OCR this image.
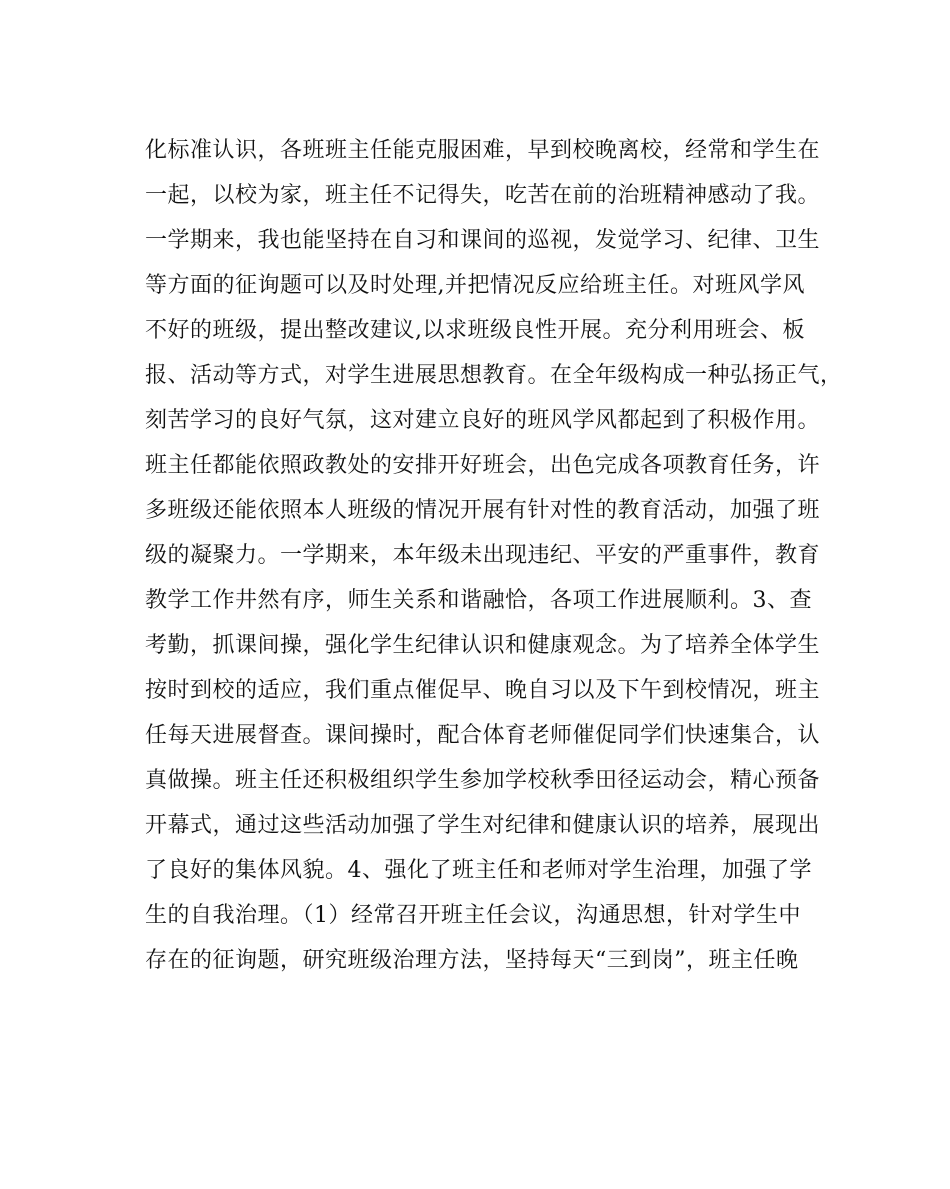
化标准认识，各班班主任能克服困难，早到校晚离校，经常和学生在
一起，以校为家，班主任不记得失，吃苦在前的治班精神感动了我。
一学期来，我也能坚持在自习和课间的巡视，发觉学习、纪律、卫生
等方面的征询题可以及时处理,并把情况反应给班主任。对班风学风
不好的班级，提出整改建议,以求班级良性开展。充分利用班会、板
报、活动等方式，对学生进展思想教育。在全年级构成一种弘扬正气，
刻苦学习的良好气氛，这对建立良好的班风学风都起到了积极作用。
班主任都能依照政教处的安排开好班会，出色完成各项教育任务，许
多班级还能依照本人班级的情况开展有针对性的教育活动，加强了班
级的凝聚力。一学期来，本年级未出现违纪、平安的严重事件，教育
教学工作井然有序，师生关系和谐融恰，各项工作进展顺利。3、查
考勤，抓课间操，强化学生纪律认识和健康观念。为了培养全体学生
按时到校的适应，我们重点催促早、晚自习以及下午到校情况，班主
任每天进展督查。课间操时，配合体育老师催促同学们快速集合，认
真做操。班主任还积极组织学生参加学校秋季田径运动会，精心预备
开幕式，通过这些活动加强了学生对纪律和健康认识的培养，展现出
了良好的集体风貌。4、强化了班主任和老师对学生治理，加强了学
生的自我治理。（1）经常召开班主任会议，沟通思想，针对学生中
存在的征询题，研究班级治理方法，坚持每天“三到岗”，班主任晚
